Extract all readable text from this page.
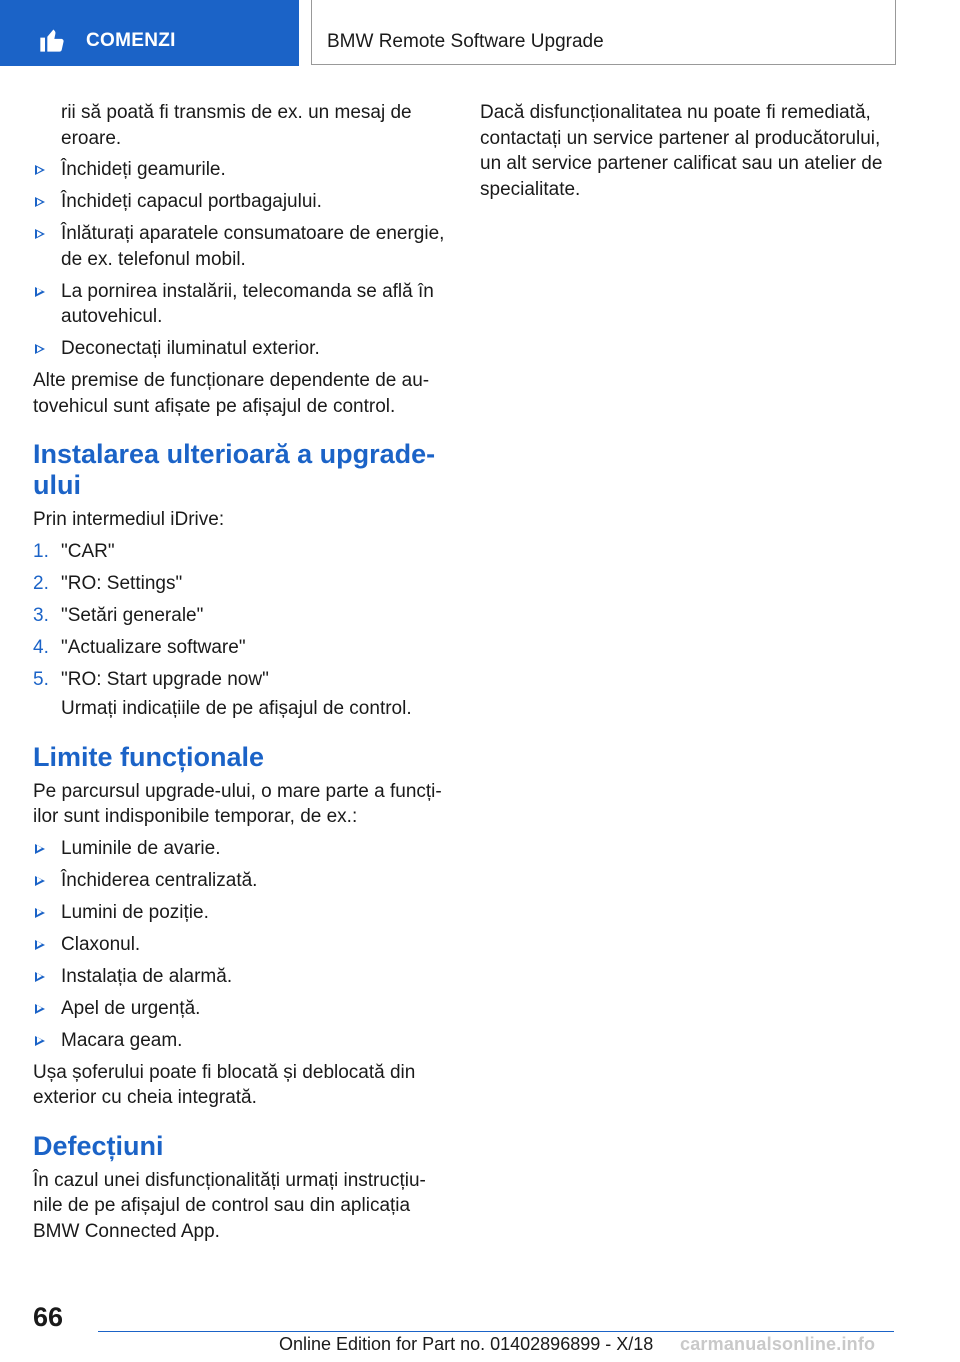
COMENZI	BMW Remote Software Upgrade

rii să poată fi transmis de ex. un mesaj de eroare.

Închideți geamurile.
Închideți capacul portbagajului.
Înlăturați aparatele consumatoare de energie, de ex. telefonul mobil.
La pornirea instalării, telecomanda se află în autovehicul.
Deconectați iluminatul exterior.

Alte premise de funcționare dependente de autovehicul sunt afișate pe afișajul de control.

Instalarea ulterioară a upgradeului

Prin intermediul iDrive:

1. "CAR"
2. "RO: Settings"
3. "Setări generale"
4. "Actualizare software"
5. "RO: Start upgrade now"

Urmați indicațiile de pe afișajul de control.

Limite funcționale

Pe parcursul upgrade-ului, o mare parte a funcțiilor sunt indisponibile temporar, de ex.:

Luminile de avarie.
Închiderea centralizată.
Lumini de poziție.
Claxonul.
Instalația de alarmă.
Apel de urgență.
Macara geam.

Ușa șoferului poate fi blocată și deblocată din exterior cu cheia integrată.

Defecțiuni

În cazul unei disfuncționalități urmați instrucțiunile de pe afișajul de control sau din aplicația BMW Connected App.

Dacă disfuncționalitatea nu poate fi remediată, contactați un service partener al producătorului, un alt service partener calificat sau un atelier de specialitate.

66
Online Edition for Part no. 01402896899 - X/18 carmanualsonline.info
